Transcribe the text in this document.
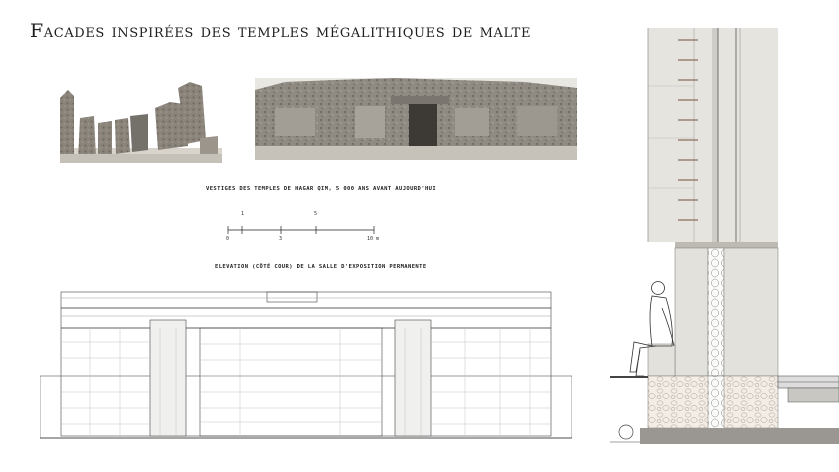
Facades inspirées des temples mégalithiques de malte
VESTIGES DES TEMPLES DE HAGAR QIM, 5 000 ANS AVANT AUJOURD'HUI
1	5
0	3	10 m
ELEVATION (CÔTÉ COUR) DE LA SALLE D'EXPOSITION PERMANENTE
